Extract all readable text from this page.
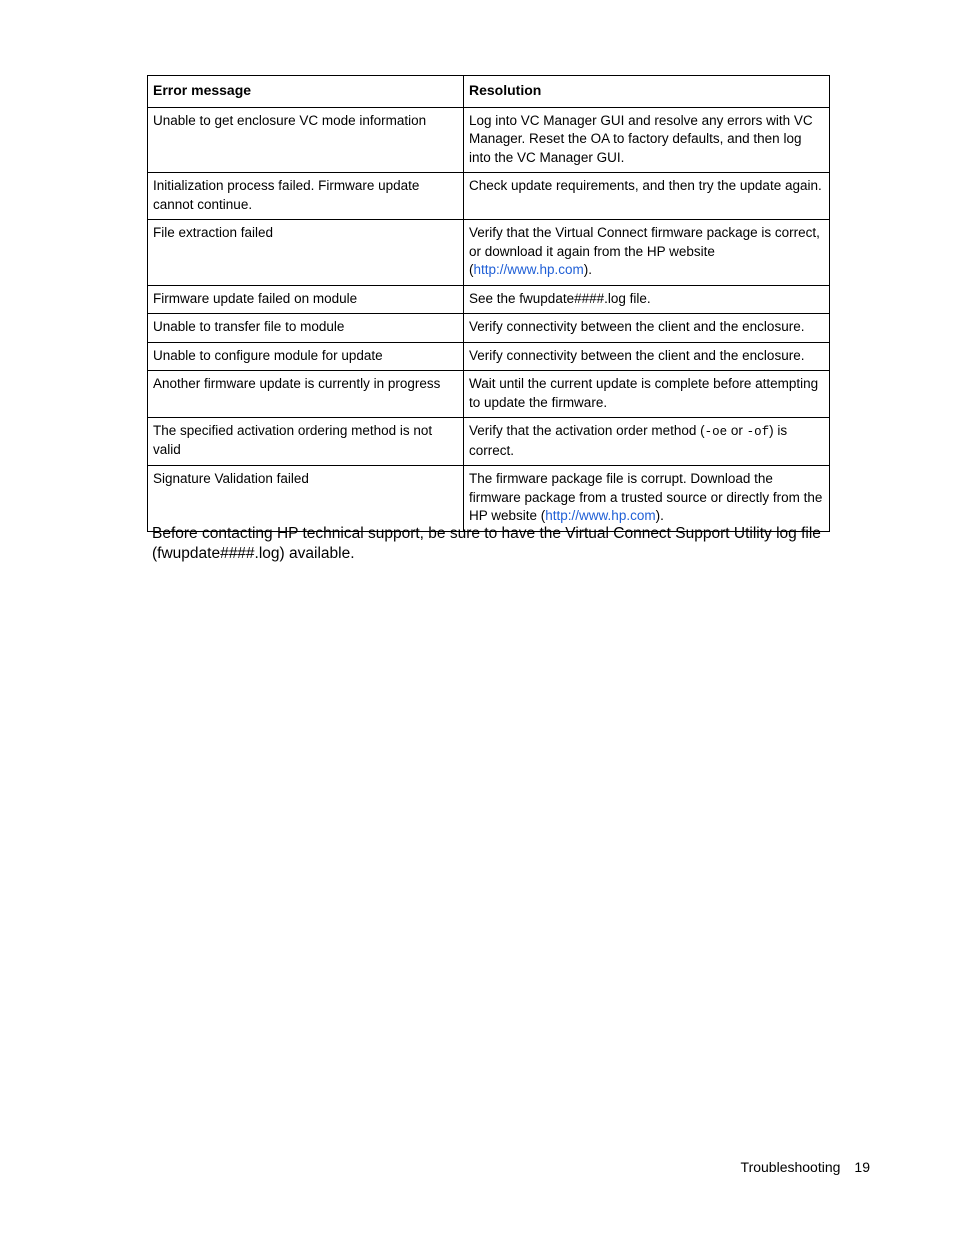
Error message	Resolution
Unable to get enclosure VC mode information	Log into VC Manager GUI and resolve any errors with VC Manager. Reset the OA to factory defaults, and then log into the VC Manager GUI.
Initialization process failed. Firmware update cannot continue.	Check update requirements, and then try the update again.
File extraction failed	Verify that the Virtual Connect firmware package is correct, or download it again from the HP website (http://www.hp.com).
Firmware update failed on module	See the fwupdate####.log file.
Unable to transfer file to module	Verify connectivity between the client and the enclosure.
Unable to configure module for update	Verify connectivity between the client and the enclosure.
Another firmware update is currently in progress	Wait until the current update is complete before attempting to update the firmware.
The specified activation ordering method is not valid	Verify that the activation order method (-oe or -of) is correct.
Signature Validation failed	The firmware package file is corrupt. Download the firmware package from a trusted source or directly from the HP website (http://www.hp.com).

Before contacting HP technical support, be sure to have the Virtual Connect Support Utility log file (fwupdate####.log) available.

Troubleshooting 19
